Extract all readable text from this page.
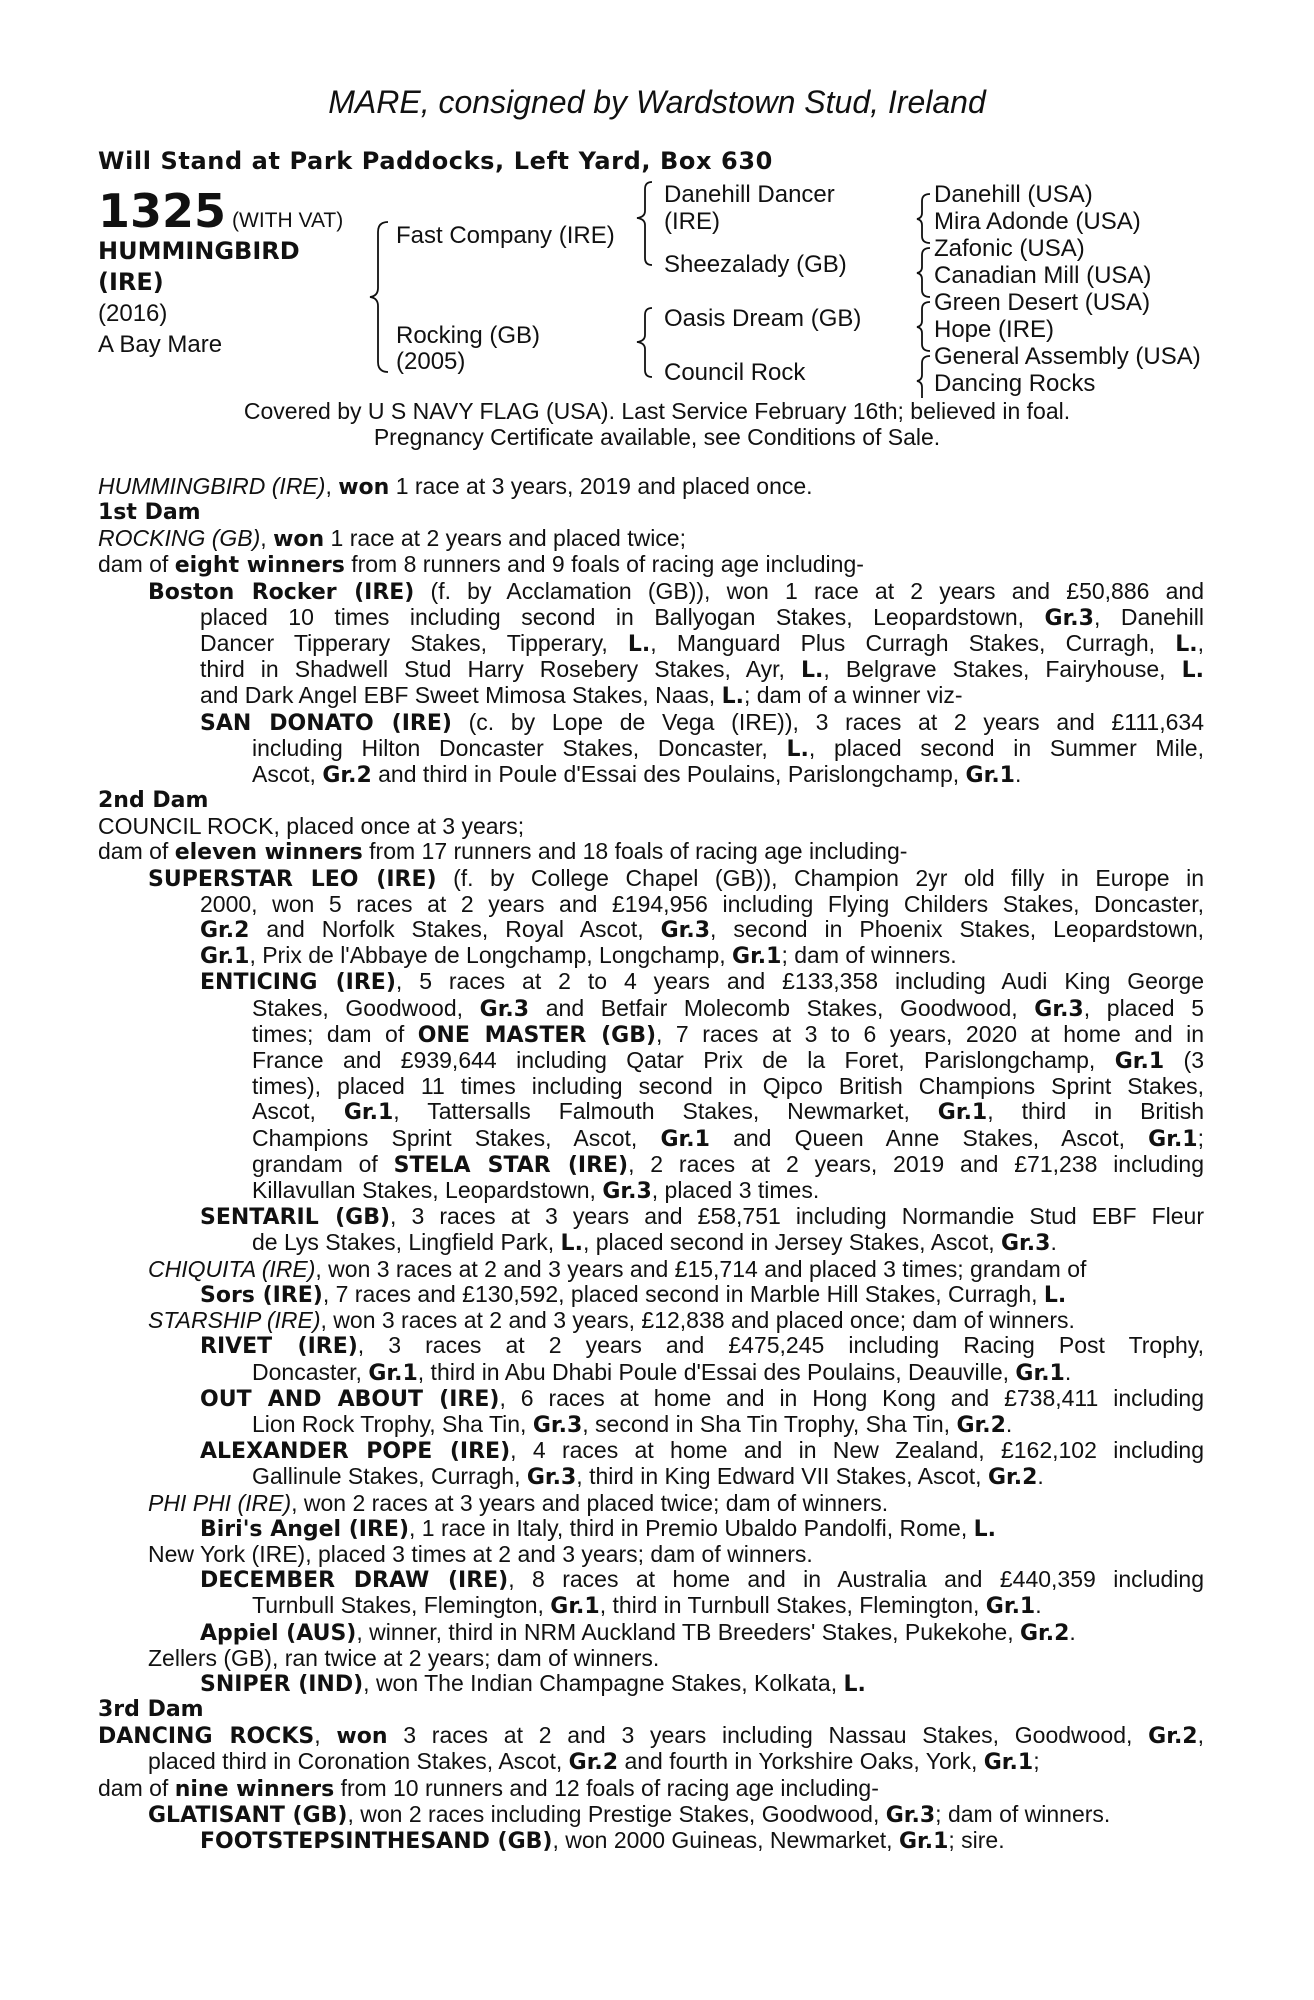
MARE, consigned by Wardstown Stud, Ireland
Will Stand at Park Paddocks, Left Yard, Box 630
1325 (WITH VAT)
HUMMINGBIRD
(IRE)
(2016)
A Bay Mare
Fast Company (IRE)
Rocking (GB)
(2005)
Danehill Dancer
(IRE)
Sheezalady (GB)
Oasis Dream (GB)
Council Rock
Danehill (USA)
Mira Adonde (USA)
Zafonic (USA)
Canadian Mill (USA)
Green Desert (USA)
Hope (IRE)
General Assembly (USA)
Dancing Rocks
Covered by U S NAVY FLAG (USA). Last Service February 16th; believed in foal.
Pregnancy Certificate available, see Conditions of Sale.

HUMMINGBIRD (IRE), won 1 race at 3 years, 2019 and placed once.

1st Dam

ROCKING (GB), won 1 race at 2 years and placed twice;

dam of eight winners from 8 runners and 9 foals of racing age including-

Boston Rocker (IRE) (f. by Acclamation (GB)), won 1 race at 2 years and £50,886 and

placed 10 times including second in Ballyogan Stakes, Leopardstown, Gr.3, Danehill

Dancer Tipperary Stakes, Tipperary, L., Manguard Plus Curragh Stakes, Curragh, L.,

third in Shadwell Stud Harry Rosebery Stakes, Ayr, L., Belgrave Stakes, Fairyhouse, L.

and Dark Angel EBF Sweet Mimosa Stakes, Naas, L.; dam of a winner viz-

SAN DONATO (IRE) (c. by Lope de Vega (IRE)), 3 races at 2 years and £111,634

including Hilton Doncaster Stakes, Doncaster, L., placed second in Summer Mile,

Ascot, Gr.2 and third in Poule d'Essai des Poulains, Parislongchamp, Gr.1.

2nd Dam

COUNCIL ROCK, placed once at 3 years;

dam of eleven winners from 17 runners and 18 foals of racing age including-

SUPERSTAR LEO (IRE) (f. by College Chapel (GB)), Champion 2yr old filly in Europe in

2000, won 5 races at 2 years and £194,956 including Flying Childers Stakes, Doncaster,

Gr.2 and Norfolk Stakes, Royal Ascot, Gr.3, second in Phoenix Stakes, Leopardstown,

Gr.1, Prix de l'Abbaye de Longchamp, Longchamp, Gr.1; dam of winners.

ENTICING (IRE), 5 races at 2 to 4 years and £133,358 including Audi King George

Stakes, Goodwood, Gr.3 and Betfair Molecomb Stakes, Goodwood, Gr.3, placed 5

times; dam of ONE MASTER (GB), 7 races at 3 to 6 years, 2020 at home and in

France and £939,644 including Qatar Prix de la Foret, Parislongchamp, Gr.1 (3

times), placed 11 times including second in Qipco British Champions Sprint Stakes,

Ascot, Gr.1, Tattersalls Falmouth Stakes, Newmarket, Gr.1, third in British

Champions Sprint Stakes, Ascot, Gr.1 and Queen Anne Stakes, Ascot, Gr.1;

grandam of STELA STAR (IRE), 2 races at 2 years, 2019 and £71,238 including

Killavullan Stakes, Leopardstown, Gr.3, placed 3 times.

SENTARIL (GB), 3 races at 3 years and £58,751 including Normandie Stud EBF Fleur

de Lys Stakes, Lingfield Park, L., placed second in Jersey Stakes, Ascot, Gr.3.

CHIQUITA (IRE), won 3 races at 2 and 3 years and £15,714 and placed 3 times; grandam of

Sors (IRE), 7 races and £130,592, placed second in Marble Hill Stakes, Curragh, L.

STARSHIP (IRE), won 3 races at 2 and 3 years, £12,838 and placed once; dam of winners.

RIVET (IRE), 3 races at 2 years and £475,245 including Racing Post Trophy,

Doncaster, Gr.1, third in Abu Dhabi Poule d'Essai des Poulains, Deauville, Gr.1.

OUT AND ABOUT (IRE), 6 races at home and in Hong Kong and £738,411 including

Lion Rock Trophy, Sha Tin, Gr.3, second in Sha Tin Trophy, Sha Tin, Gr.2.

ALEXANDER POPE (IRE), 4 races at home and in New Zealand, £162,102 including

Gallinule Stakes, Curragh, Gr.3, third in King Edward VII Stakes, Ascot, Gr.2.

PHI PHI (IRE), won 2 races at 3 years and placed twice; dam of winners.

Biri's Angel (IRE), 1 race in Italy, third in Premio Ubaldo Pandolfi, Rome, L.

New York (IRE), placed 3 times at 2 and 3 years; dam of winners.

DECEMBER DRAW (IRE), 8 races at home and in Australia and £440,359 including

Turnbull Stakes, Flemington, Gr.1, third in Turnbull Stakes, Flemington, Gr.1.

Appiel (AUS), winner, third in NRM Auckland TB Breeders' Stakes, Pukekohe, Gr.2.

Zellers (GB), ran twice at 2 years; dam of winners.

SNIPER (IND), won The Indian Champagne Stakes, Kolkata, L.

3rd Dam

DANCING ROCKS, won 3 races at 2 and 3 years including Nassau Stakes, Goodwood, Gr.2,

placed third in Coronation Stakes, Ascot, Gr.2 and fourth in Yorkshire Oaks, York, Gr.1;

dam of nine winners from 10 runners and 12 foals of racing age including-

GLATISANT (GB), won 2 races including Prestige Stakes, Goodwood, Gr.3; dam of winners.

FOOTSTEPSINTHESAND (GB), won 2000 Guineas, Newmarket, Gr.1; sire.
